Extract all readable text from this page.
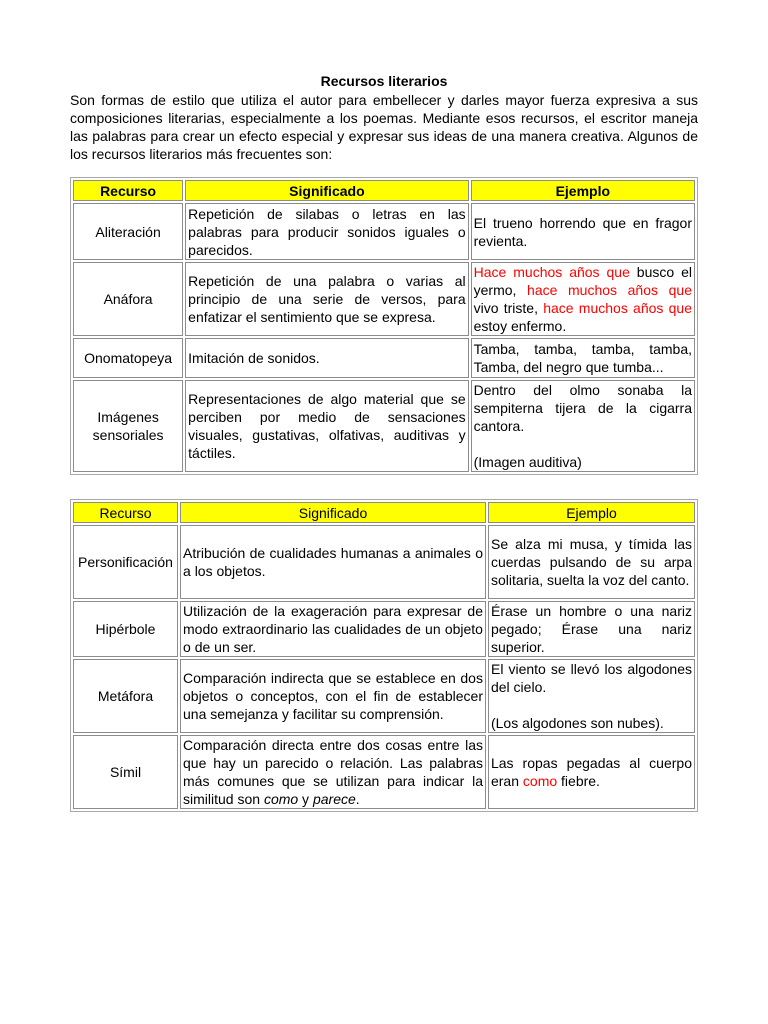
Recursos literarios

Son formas de estilo que utiliza el autor para embellecer y darles mayor fuerza expresiva a sus composiciones literarias, especialmente a los poemas. Mediante esos recursos, el escritor maneja las palabras para crear un efecto especial y expresar sus ideas de una manera creativa. Algunos de los recursos literarios más frecuentes son:

Recurso	Significado	Ejemplo
Aliteración	Repetición de silabas o letras en las palabras para producir sonidos iguales o parecidos.	El trueno horrendo que en fragor revienta.
Anáfora	Repetición de una palabra o varias al principio de una serie de versos, para enfatizar el sentimiento que se expresa.	Hace muchos años que busco el yermo, hace muchos años que vivo triste, hace muchos años que estoy enfermo.
Onomatopeya	Imitación de sonidos.	Tamba, tamba, tamba, tamba, Tamba, del negro que tumba...
Imágenes sensoriales	Representaciones de algo material que se perciben por medio de sensaciones visuales, gustativas, olfativas, auditivas y táctiles.	Dentro del olmo sonaba la sempiterna tijera de la cigarra cantora.
(Imagen auditiva)
Recurso	Significado	Ejemplo
Personificación	Atribución de cualidades humanas a animales o a los objetos.	Se alza mi musa, y tímida las cuerdas pulsando de su arpa solitaria, suelta la voz del canto.
Hipérbole	Utilización de la exageración para expresar de modo extraordinario las cualidades de un objeto o de un ser.	Érase un hombre o una nariz pegado; Érase una nariz superior.
Metáfora	Comparación indirecta que se establece en dos objetos o conceptos, con el fin de establecer una semejanza y facilitar su comprensión.	El viento se llevó los algodones del cielo.
(Los algodones son nubes).

Símil	Comparación directa entre dos cosas entre las que hay un parecido o relación. Las palabras más comunes que se utilizan para indicar la similitud son como y parece.	Las ropas pegadas al cuerpo eran como fiebre.
